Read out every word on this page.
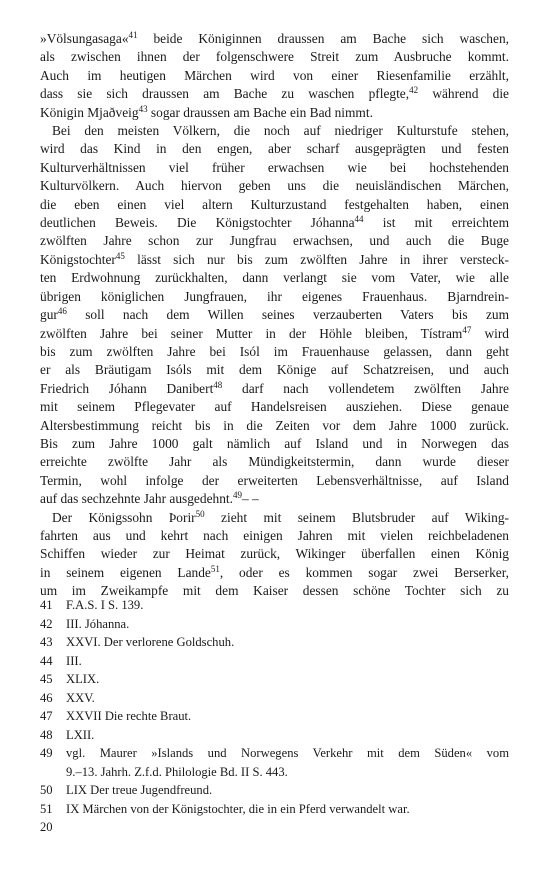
»Völsungasaga«$^{41}$ beide Königinnen draussen am Bache sich waschen,
als zwischen ihnen der folgenschwere Streit zum Ausbruche kommt.
Auch im heutigen Märchen wird von einer Riesenfamilie erzählt,
dass sie sich draussen am Bache zu waschen pflegte,$^{42}$ während die
Königin Mjaðveig$^{43}$ sogar draussen am Bache ein Bad nimmt.
Bei den meisten Völkern, die noch auf niedriger Kulturstufe stehen,
wird das Kind in den engen, aber scharf ausgeprägten und festen
Kulturverhältnissen viel früher erwachsen wie bei hochstehenden
Kulturvölkern. Auch hiervon geben uns die neuisländischen Märchen,
die eben einen viel altern Kulturzustand festgehalten haben, einen
deutlichen Beweis. Die Königstochter Jóhanna$^{44}$ ist mit erreichtem
zwölften Jahre schon zur Jungfrau erwachsen, und auch die Buge
Königstochter$^{45}$ lässt sich nur bis zum zwölften Jahre in ihrer versteck-
ten Erdwohnung zurückhalten, dann verlangt sie vom Vater, wie alle
übrigen königlichen Jungfrauen, ihr eigenes Frauenhaus. Bjarndrein-
gur$^{46}$ soll nach dem Willen seines verzauberten Vaters bis zum
zwölften Jahre bei seiner Mutter in der Höhle bleiben, Tístram$^{47}$ wird
bis zum zwölften Jahre bei Isól im Frauenhause gelassen, dann geht
er als Bräutigam Isóls mit dem Könige auf Schatzreisen, und auch
Friedrich Jóhann Danibert$^{48}$ darf nach vollendetem zwölften Jahre
mit seinem Pflegevater auf Handelsreisen ausziehen. Diese genaue
Altersbestimmung reicht bis in die Zeiten vor dem Jahre 1000 zurück.
Bis zum Jahre 1000 galt nämlich auf Island und in Norwegen das
erreichte zwölfte Jahr als Mündigkeitstermin, dann wurde dieser
Termin, wohl infolge der erweiterten Lebensverhältnisse, auf Island
auf das sechzehnte Jahr ausgedehnt.$^{49}$– –
Der Königssohn Þorir$^{50}$ zieht mit seinem Blutsbruder auf Wiking-
fahrten aus und kehrt nach einigen Jahren mit vielen reichbeladenen
Schiffen wieder zur Heimat zurück, Wikinger überfallen einen König
in seinem eigenen Lande$^{51}$, oder es kommen sogar zwei Berserker,
um im Zweikampfe mit dem Kaiser dessen schöne Tochter sich zu
41	F.A.S. I S. 139.
42	III. Jóhanna.
43	XXVI. Der verlorene Goldschuh.
44	III.
45	XLIX.
46	XXV.
47	XXVII Die rechte Braut.
48	LXII.
49	vgl. Maurer »Islands und Norwegens Verkehr mit dem Süden« vom
9.–13. Jahrh. Z.f.d. Philologie Bd. II S. 443.
50	LIX Der treue Jugendfreund.
51	IX Märchen von der Königstochter, die in ein Pferd verwandelt war.
20
